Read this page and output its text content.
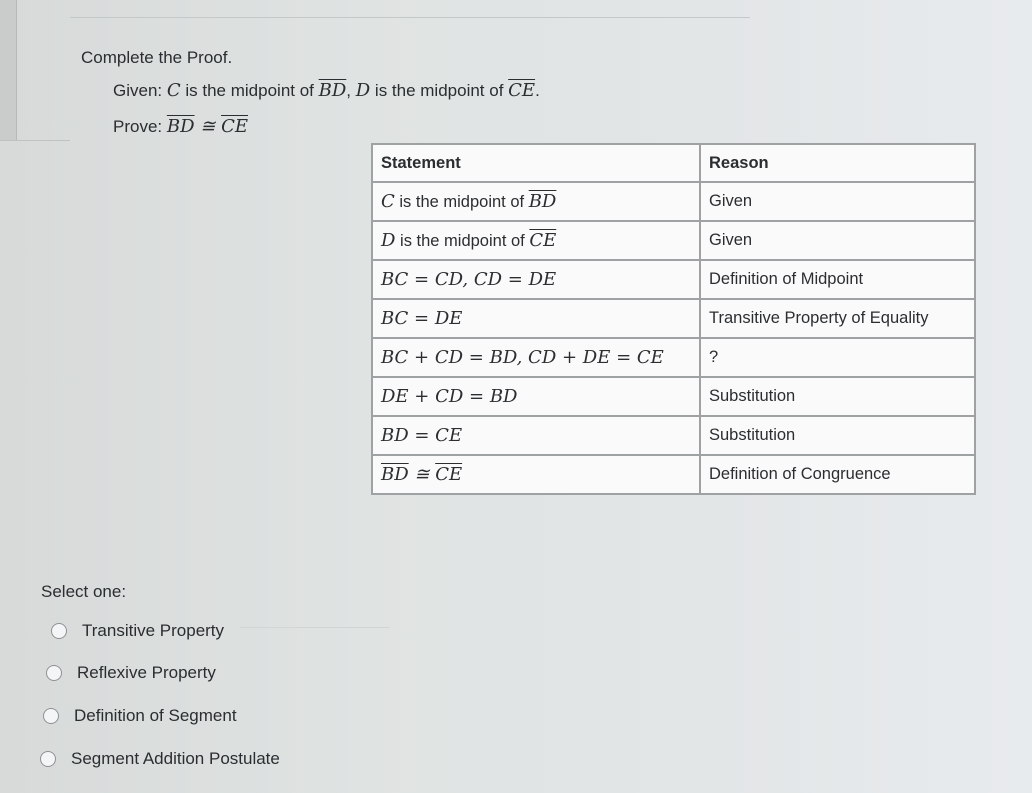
Complete the Proof.
Given: C is the midpoint of $\overline{BD}$, D is the midpoint of $\overline{CE}$.
Prove: $\overline{BD}$ ≅ $\overline{CE}$
Statement	Reason
C is the midpoint of $\overline{BD}$	Given
D is the midpoint of $\overline{CE}$	Given
BC = CD, CD = DE	Definition of Midpoint
BC = DE	Transitive Property of Equality
BC + CD = BD, CD + DE = CE	?
DE + CD = BD	Substitution
BD = CE	Substitution
$\overline{BD}$ ≅ $\overline{CE}$	Definition of Congruence
Select one:
Transitive Property
Reflexive Property
Definition of Segment
Segment Addition Postulate
